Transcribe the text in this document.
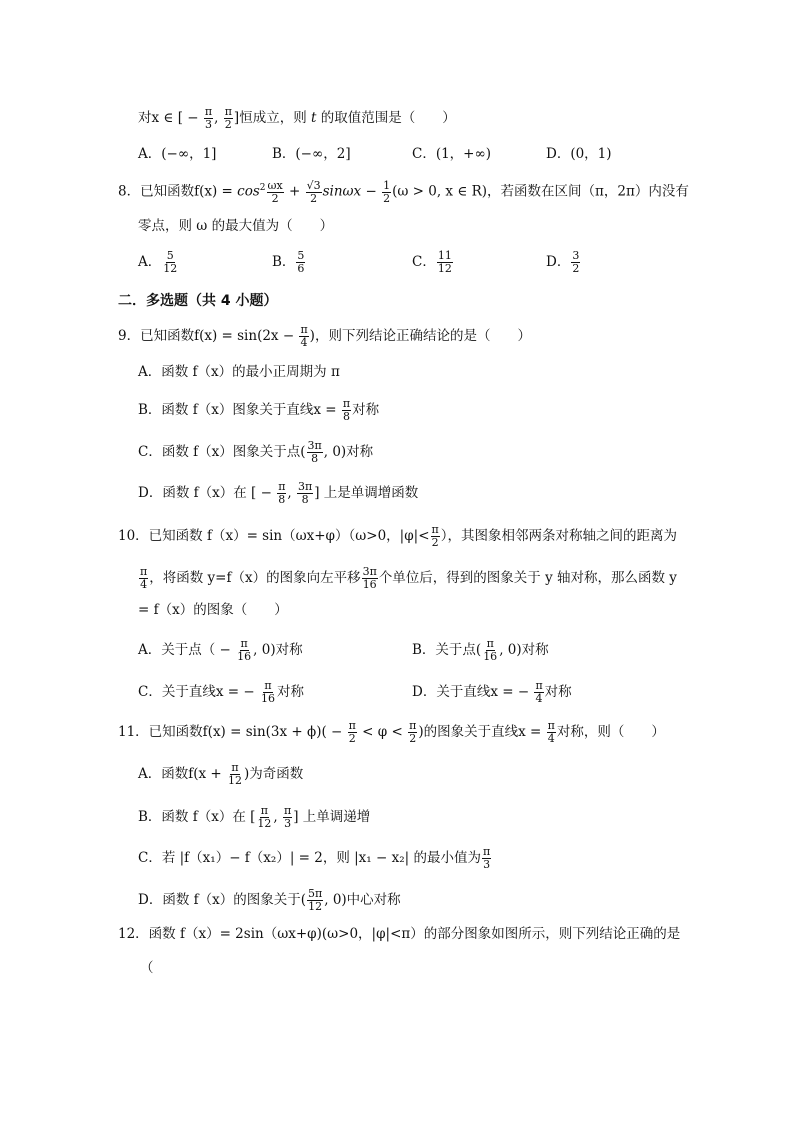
对x ∈ [ − $\frac{\pi}{3}$ , $\frac{\pi}{2}$ ]恒成立，则 t 的取值范围是（　　）
A．(−∞，1]	B．(−∞，2]	C．(1，+∞)	D．(0，1)
8．已知函数$f(x) = \cos^2 \frac{\omega x}{2} + \frac{√3}{2}$ $\sin\omega x - \frac{1}{2} (\omega > 0$, x ∈ R)，若函数在区间（π，2π）内没有
零点，则 ω 的最大值为（　　）
A． $\frac{5}{12}$	B． $\frac{5}{6}$	C． $\frac{11}{12}$	D． $\frac{3}{2}$
二．多选题（共 4 小题）
9．已知函数$f(x) = \sin(2x - \frac{\pi}{4}$ )，则下列结论正确结论的是（　　）
A．函数 f（x）的最小正周期为 π
B．函数 f（x）图象关于直线$x = \frac{\pi}{8}$ 对称
C．函数 f（x）图象关于点( $\frac{3\pi}{8}$ , 0)对称
D．函数 f（x）在 [ − $\frac{\pi}{8}$ , $\frac{3\pi}{8}$ ] 上是单调增函数
10．已知函数 f（x）= sin（ωx+φ）（ω>0，$|\varphi|< \frac{\pi}{2}$ ），其图象相邻两条对称轴之间的距离为
$\frac{\pi}{4}$ ，将函数 y=f（x）的图象向左平移 $\frac{3\pi}{16}$ 个单位后，得到的图象关于 y 轴对称，那么函数 y
= f（x）的图象（　　）
A．关于点（ − $\frac{\pi}{16}$ , 0)对称	B．关于点( $\frac{\pi}{16}$ , 0)对称
C．关于直线x = − $\frac{\pi}{16}$ 对称	D．关于直线x = − $\frac{\pi}{4}$ 对称
11．已知函数$f(x) = \sin(3x + \phi)( - \frac{\pi}{2} < \varphi < \frac{\pi}{2}$ )的图象关于直线$x = \frac{\pi}{4}$ 对称，则（　　）
A．函数$f(x + \frac{\pi}{12}$ )为奇函数
B．函数 f（x）在 [ $\frac{\pi}{12}$ , $\frac{\pi}{3}$ ] 上单调递增
C．若 |f（x₁）− f（x₂）| = 2，则 |x₁ − x₂| 的最小值为 $\frac{\pi}{3}$
D．函数 f（x）的图象关于( $\frac{5\pi}{12}$ , 0)中心对称
12．函数 f（x）= 2sin（ωx+φ)(ω>0，|φ|<π）的部分图象如图所示，则下列结论正确的是
（
